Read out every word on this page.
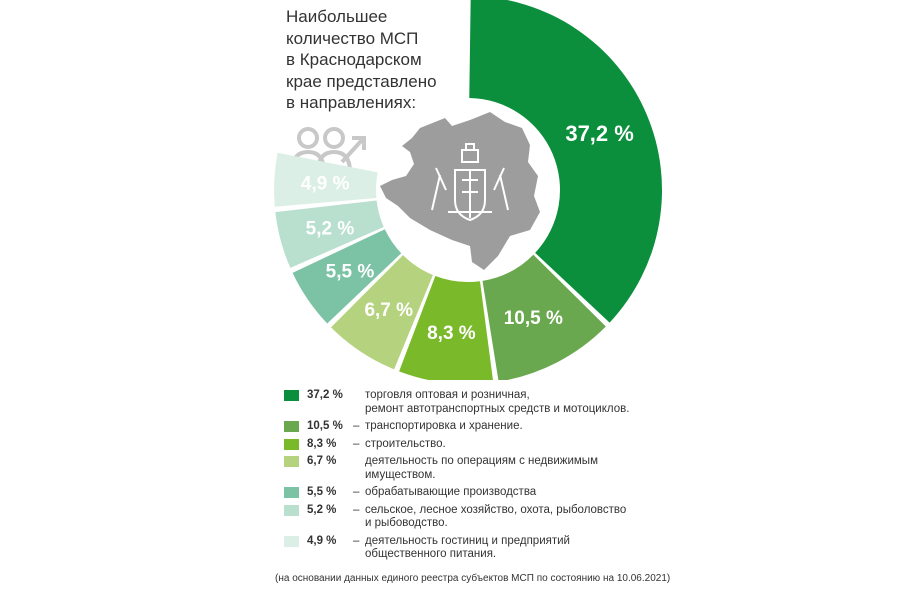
Наибольшее
количество МСП
в Краснодарском
крае представлено
в направлениях:
37,2 %
10,5 %
8,3 %
6,7 %
5,5 %
5,2 %
4,9 %
37,2 %	торговля оптовая и розничная,
ремонт автотранспортных средств и мотоциклов.
10,5 % – транспортировка и хранение.
8,3 %	– строительство.
6,7 %	деятельность по операциям с недвижимым
имуществом.
5,5 %	– обрабатывающие производства
5,2 %	– сельское, лесное хозяйство, охота, рыболовство
и рыбоводство.
4,9 %	– деятельность гостиниц и предприятий
общественного питания.
(на основании данных единого реестра субъектов МСП по состоянию на 10.06.2021)
